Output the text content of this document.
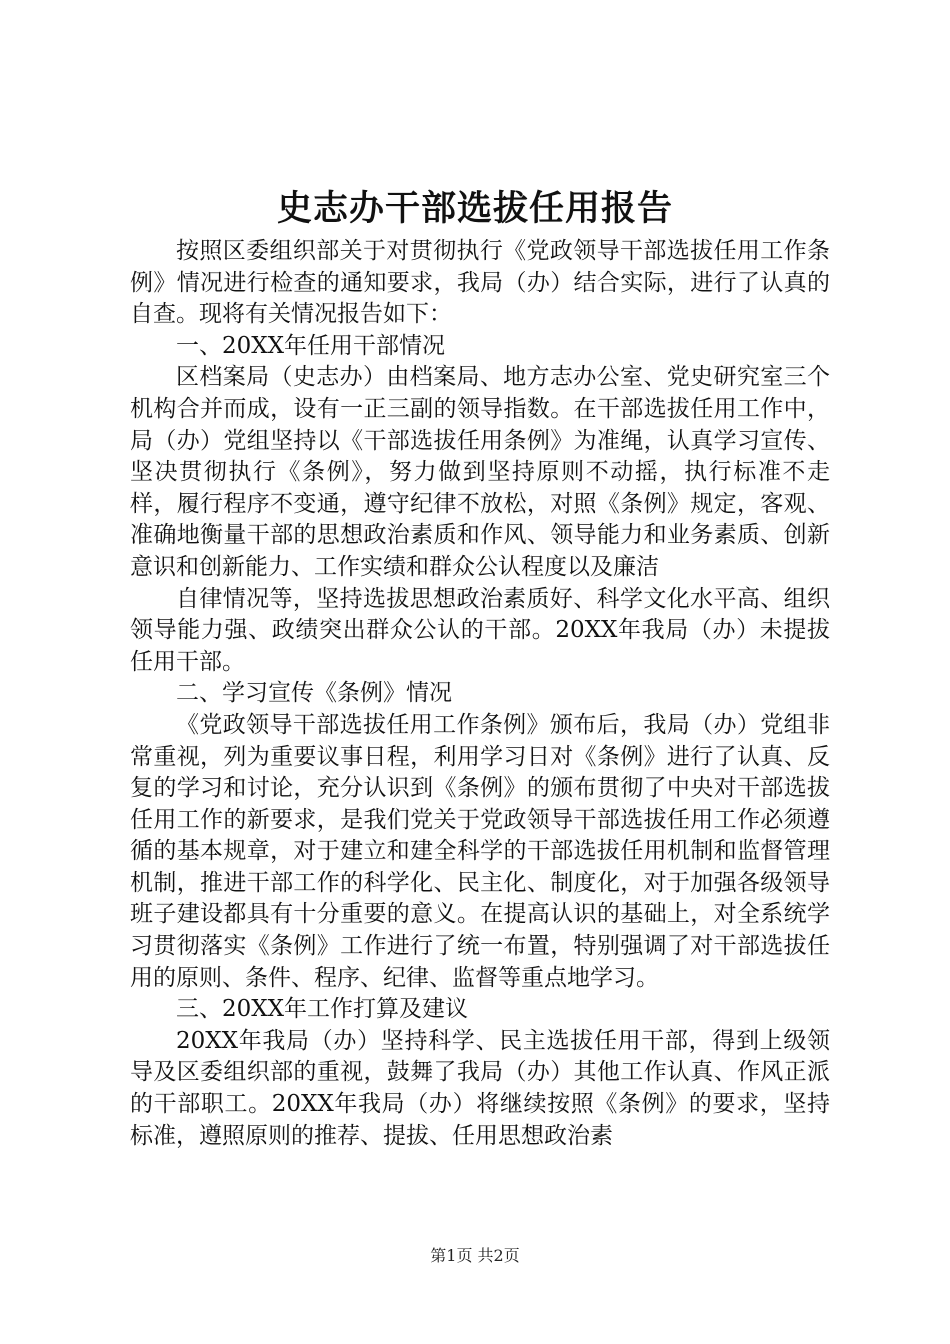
史志办干部选拔任用报告

按照区委组织部关于对贯彻执行《党政领导干部选拔任用工作条例》情况进行检查的通知要求，我局（办）结合实际，进行了认真的自查。现将有关情况报告如下：

一、20XX年任用干部情况

区档案局（史志办）由档案局、地方志办公室、党史研究室三个机构合并而成，设有一正三副的领导指数。在干部选拔任用工作中，局（办）党组坚持以《干部选拔任用条例》为准绳，认真学习宣传、坚决贯彻执行《条例》，努力做到坚持原则不动摇，执行标准不走样，履行程序不变通，遵守纪律不放松，对照《条例》规定，客观、准确地衡量干部的思想政治素质和作风、领导能力和业务素质、创新意识和创新能力、工作实绩和群众公认程度以及廉洁

自律情况等，坚持选拔思想政治素质好、科学文化水平高、组织领导能力强、政绩突出群众公认的干部。20XX年我局（办）未提拔任用干部。

二、学习宣传《条例》情况

《党政领导干部选拔任用工作条例》颁布后，我局（办）党组非常重视，列为重要议事日程，利用学习日对《条例》进行了认真、反复的学习和讨论，充分认识到《条例》的颁布贯彻了中央对干部选拔任用工作的新要求，是我们党关于党政领导干部选拔任用工作必须遵循的基本规章，对于建立和建全科学的干部选拔任用机制和监督管理机制，推进干部工作的科学化、民主化、制度化，对于加强各级领导班子建设都具有十分重要的意义。在提高认识的基础上，对全系统学习贯彻落实《条例》工作进行了统一布置，特别强调了对干部选拔任用的原则、条件、程序、纪律、监督等重点地学习。

三、20XX年工作打算及建议

20XX年我局（办）坚持科学、民主选拔任用干部，得到上级领导及区委组织部的重视，鼓舞了我局（办）其他工作认真、作风正派的干部职工。20XX年我局（办）将继续按照《条例》的要求，坚持标准，遵照原则的推荐、提拔、任用思想政治素

第1页 共2页
